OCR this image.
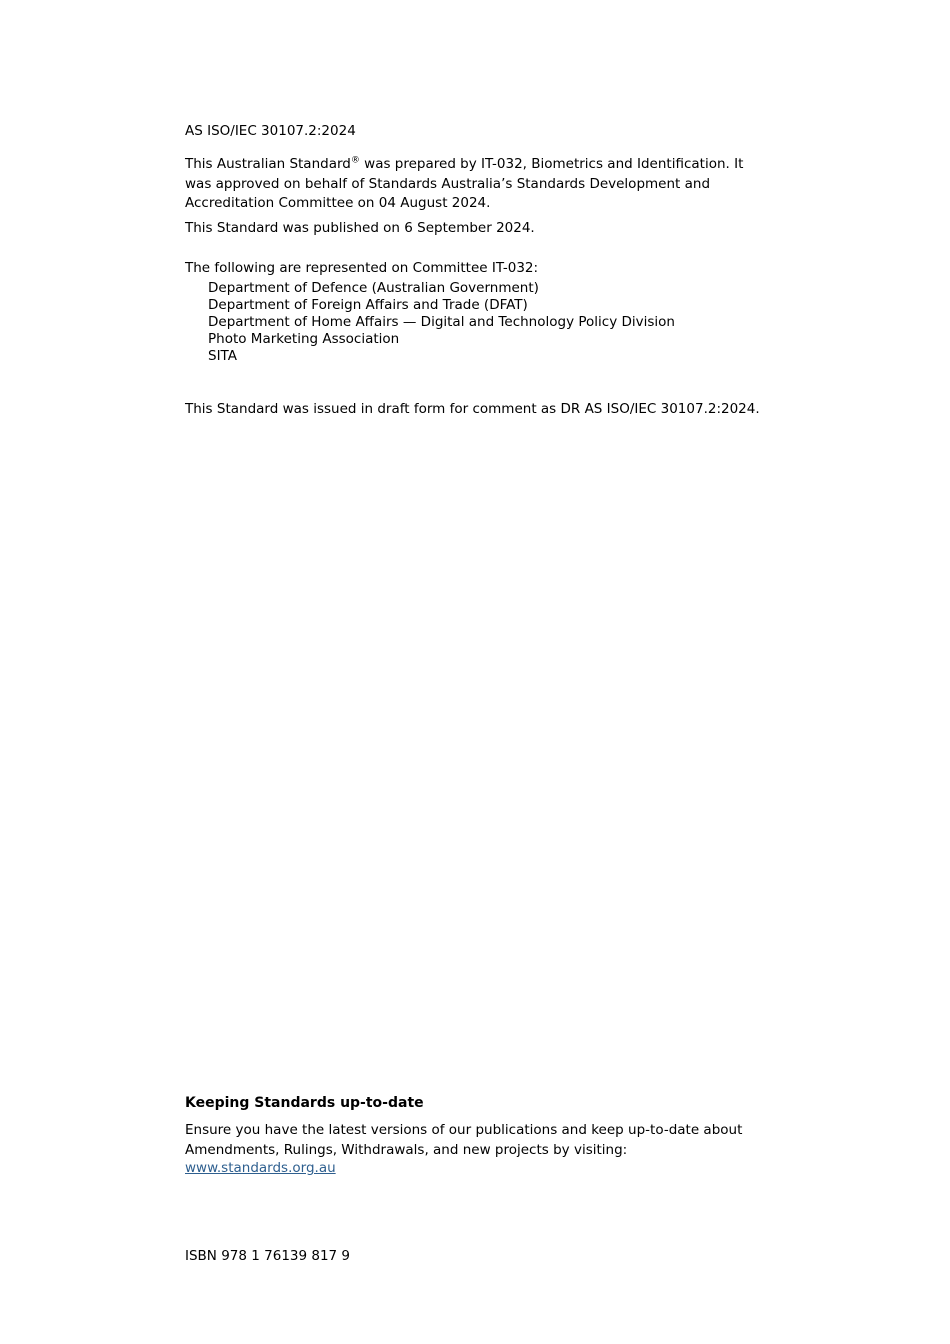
AS ISO/IEC 30107.2:2024

This Australian Standard® was prepared by IT-032, Biometrics and Identification. It was approved on behalf of Standards Australia’s Standards Development and Accreditation Committee on 04 August 2024.

This Standard was published on 6 September 2024.

The following are represented on Committee IT-032:

Department of Defence (Australian Government)
Department of Foreign Affairs and Trade (DFAT)
Department of Home Affairs — Digital and Technology Policy Division
Photo Marketing Association
SITA

This Standard was issued in draft form for comment as DR AS ISO/IEC 30107.2:2024.

Keeping Standards up-to-date

Ensure you have the latest versions of our publications and keep up-to-date about Amendments, Rulings, Withdrawals, and new projects by visiting:

www.standards.org.au

ISBN 978 1 76139 817 9
